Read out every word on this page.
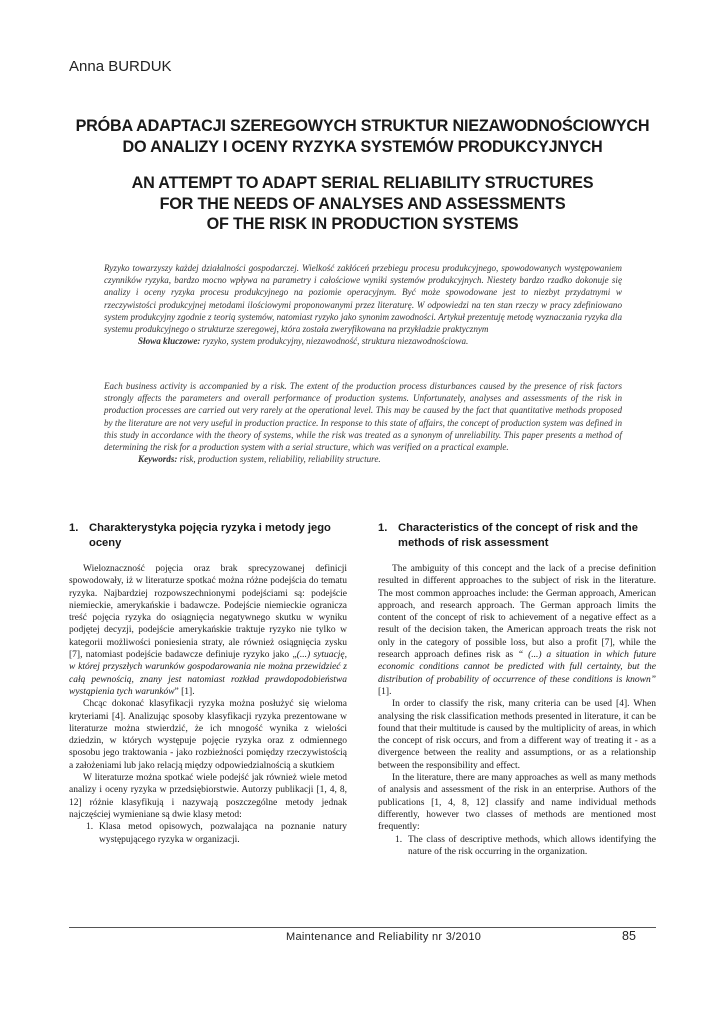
Anna BURDUK
PRÓBA ADAPTACJI SZEREGOWYCH STRUKTUR NIEZAWODNOŚCIOWYCH
DO ANALIZY I OCENY RYZYKA SYSTEMÓW PRODUKCYJNYCH
AN ATTEMPT TO ADAPT SERIAL RELIABILITY STRUCTURES
FOR THE NEEDS OF ANALYSES AND ASSESSMENTS
OF THE RISK IN PRODUCTION SYSTEMS

Ryzyko towarzyszy każdej działalności gospodarczej. Wielkość zakłóceń przebiegu procesu produkcyjnego, spowodowanych występowaniem czynników ryzyka, bardzo mocno wpływa na parametry i całościowe wyniki systemów produkcyjnych. Niestety bardzo rzadko dokonuje się analizy i oceny ryzyka procesu produkcyjnego na poziomie operacyjnym. Być może spowodowane jest to niezbyt przydatnymi w rzeczywistości produkcyjnej metodami ilościowymi proponowanymi przez literaturę. W odpowiedzi na ten stan rzeczy w pracy zdefiniowano system produkcyjny zgodnie z teorią systemów, natomiast ryzyko jako synonim zawodności. Artykuł prezentuję metodę wyznaczania ryzyka dla systemu produkcyjnego o strukturze szeregowej, która została zweryfikowana na przykładzie praktycznym

Słowa kluczowe: ryzyko, system produkcyjny, niezawodność, struktura niezawodnościowa.

Each business activity is accompanied by a risk. The extent of the production process disturbances caused by the presence of risk factors strongly affects the parameters and overall performance of production systems. Unfortunately, analyses and assessments of the risk in production processes are carried out very rarely at the operational level. This may be caused by the fact that quantitative methods proposed by the literature are not very useful in production practice. In response to this state of affairs, the concept of production system was defined in this study in accordance with the theory of systems, while the risk was treated as a synonym of unreliability. This paper presents a method of determining the risk for a production system with a serial structure, which was verified on a practical example.

Keywords: risk, production system, reliability, reliability structure.

1. Charakterystyka pojęcia ryzyka i metody jego oceny

Wieloznaczność pojęcia oraz brak sprecyzowanej definicji spowodowały, iż w literaturze spotkać można różne podejścia do tematu ryzyka. Najbardziej rozpowszechnionymi podejściami są: podejście niemieckie, amerykańskie i badawcze. Podejście niemieckie ogranicza treść pojęcia ryzyka do osiągnięcia negatywnego skutku w wyniku podjętej decyzji, podejście amerykańskie traktuje ryzyko nie tylko w kategorii możliwości poniesienia straty, ale również osiągnięcia zysku [7], natomiast podejście badawcze definiuje ryzyko jako „(...) sytuację, w której przyszłych warunków gospodarowania nie można przewidzieć z całą pewnością, znany jest natomiast rozkład prawdopodobieństwa wystąpienia tych warunków” [1].

Chcąc dokonać klasyfikacji ryzyka można posłużyć się wieloma kryteriami [4]. Analizując sposoby klasyfikacji ryzyka prezentowane w literaturze można stwierdzić, że ich mnogość wynika z wielości dziedzin, w których występuje pojęcie ryzyka oraz z odmiennego sposobu jego traktowania - jako rozbieżności pomiędzy rzeczywistością a założeniami lub jako relacją między odpowiedzialnością a skutkiem

W literaturze można spotkać wiele podejść jak również wiele metod analizy i oceny ryzyka w przedsiębiorstwie. Autorzy publikacji [1, 4, 8, 12] różnie klasyfikują i nazywają poszczególne metody jednak najczęściej wymieniane są dwie klasy metod:

1. Klasa metod opisowych, pozwalająca na poznanie natury występującego ryzyka w organizacji.

1. Characteristics of the concept of risk and the methods of risk assessment

The ambiguity of this concept and the lack of a precise definition resulted in different approaches to the subject of risk in the literature. The most common approaches include: the German approach, American approach, and research approach. The German approach limits the content of the concept of risk to achievement of a negative effect as a result of the decision taken, the American approach treats the risk not only in the category of possible loss, but also a profit [7], while the research approach defines risk as “ (...) a situation in which future economic conditions cannot be predicted with full certainty, but the distribution of probability of occurrence of these conditions is known” [1].

In order to classify the risk, many criteria can be used [4]. When analysing the risk classification methods presented in literature, it can be found that their multitude is caused by the multiplicity of areas, in which the concept of risk occurs, and from a different way of treating it - as a divergence between the reality and assumptions, or as a relationship between the responsibility and effect.

In the literature, there are many approaches as well as many methods of analysis and assessment of the risk in an enterprise. Authors of the publications [1, 4, 8, 12] classify and name individual methods differently, however two classes of methods are mentioned most frequently:

1. The class of descriptive methods, which allows identifying the nature of the risk occurring in the organization.

Maintenance and Reliability nr 3/2010	85
